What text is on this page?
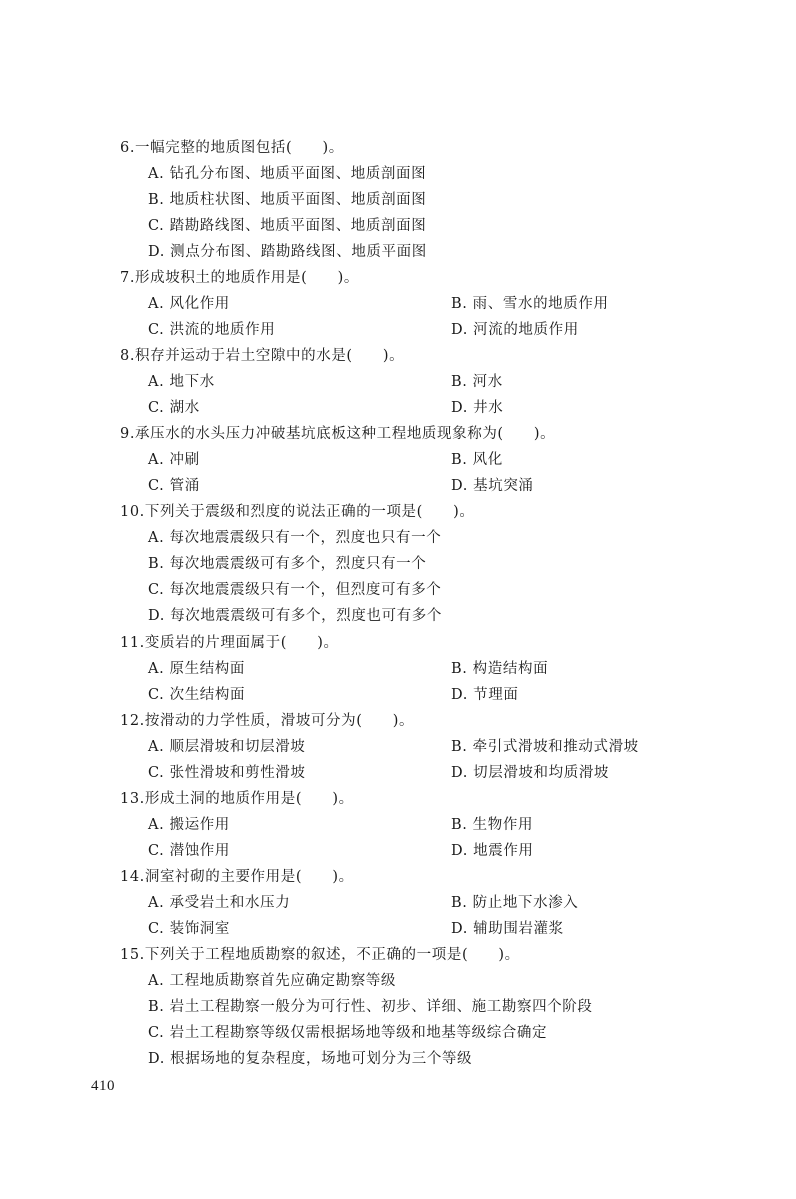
6.一幅完整的地质图包括(　　)。
A. 钻孔分布图、地质平面图、地质剖面图
B. 地质柱状图、地质平面图、地质剖面图
C. 踏勘路线图、地质平面图、地质剖面图
D. 测点分布图、踏勘路线图、地质平面图
7.形成坡积土的地质作用是(　　)。
A. 风化作用	B. 雨、雪水的地质作用
C. 洪流的地质作用	D. 河流的地质作用
8.积存并运动于岩土空隙中的水是(　　)。
A. 地下水	B. 河水
C. 湖水	D. 井水
9.承压水的水头压力冲破基坑底板这种工程地质现象称为(　　)。
A. 冲刷	B. 风化
C. 管涌	D. 基坑突涌
10.下列关于震级和烈度的说法正确的一项是(　　)。
A. 每次地震震级只有一个，烈度也只有一个
B. 每次地震震级可有多个，烈度只有一个
C. 每次地震震级只有一个，但烈度可有多个
D. 每次地震震级可有多个，烈度也可有多个
11.变质岩的片理面属于(　　)。
A. 原生结构面	B. 构造结构面
C. 次生结构面	D. 节理面
12.按滑动的力学性质，滑坡可分为(　　)。
A. 顺层滑坡和切层滑坡	B. 牵引式滑坡和推动式滑坡
C. 张性滑坡和剪性滑坡	D. 切层滑坡和均质滑坡
13.形成土洞的地质作用是(　　)。
A. 搬运作用	B. 生物作用
C. 潜蚀作用	D. 地震作用
14.洞室衬砌的主要作用是(　　)。
A. 承受岩土和水压力	B. 防止地下水渗入
C. 装饰洞室	D. 辅助围岩灌浆
15.下列关于工程地质勘察的叙述，不正确的一项是(　　)。
A. 工程地质勘察首先应确定勘察等级
B. 岩土工程勘察一般分为可行性、初步、详细、施工勘察四个阶段
C. 岩土工程勘察等级仅需根据场地等级和地基等级综合确定
D. 根据场地的复杂程度，场地可划分为三个等级
410
